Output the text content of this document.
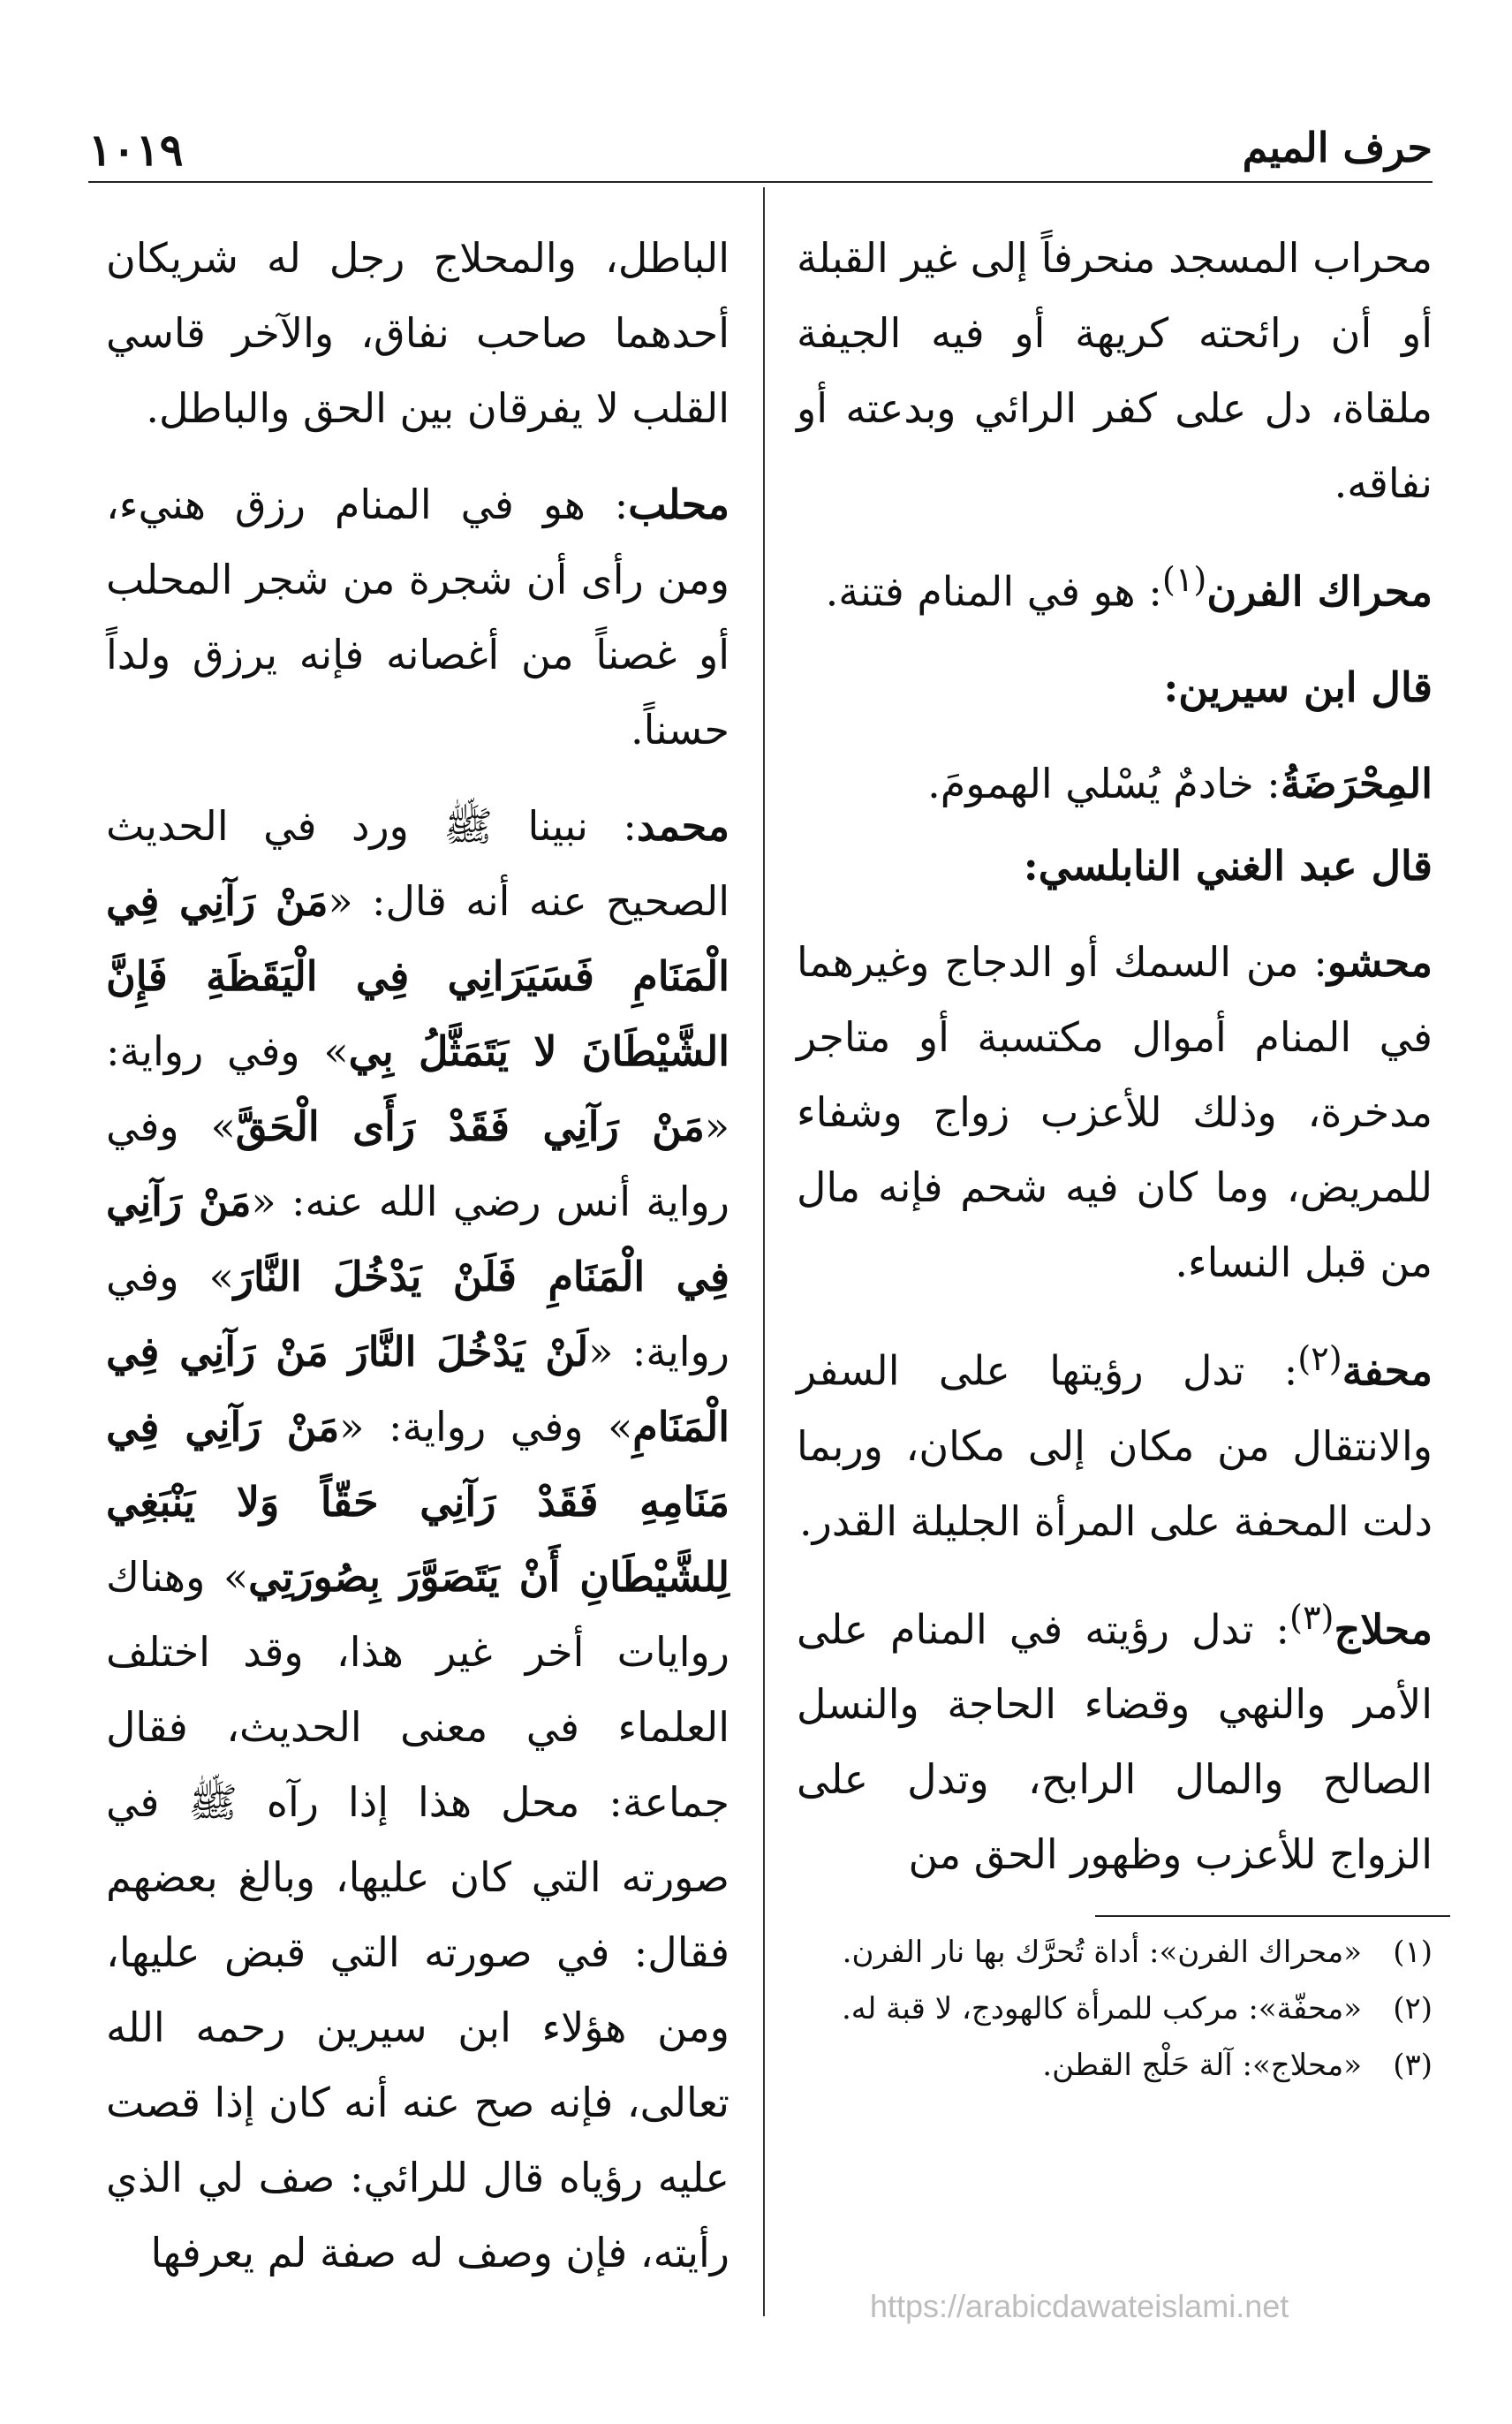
حرف الميم
١٠١٩

محراب المسجد منحرفاً إلى غير القبلة أو أن رائحته كريهة أو فيه الجيفة ملقاة، دل على كفر الرائي وبدعته أو نفاقه.

محراك الفرن$^{(١)}$: هو في المنام فتنة.

قال ابن سيرين:

المِحْرَضَةُ: خادمٌ يُسْلي الهمومَ.

قال عبد الغني النابلسي:

محشو: من السمك أو الدجاج وغيرهما في المنام أموال مكتسبة أو متاجر مدخرة، وذلك للأعزب زواج وشفاء للمريض، وما كان فيه شحم فإنه مال من قبل النساء.

محفة$^{(٢)}$: تدل رؤيتها على السفر والانتقال من مكان إلى مكان، وربما دلت المحفة على المرأة الجليلة القدر.

محلاج$^{(٣)}$: تدل رؤيته في المنام على الأمر والنهي وقضاء الحاجة والنسل الصالح والمال الرابح، وتدل على الزواج للأعزب وظهور الحق من

الباطل، والمحلاج رجل له شريكان أحدهما صاحب نفاق، والآخر قاسي القلب لا يفرقان بين الحق والباطل.

محلب: هو في المنام رزق هنيء، ومن رأى أن شجرة من شجر المحلب أو غصناً من أغصانه فإنه يرزق ولداً حسناً.

محمد: نبينا ﷺ ورد في الحديث الصحيح عنه أنه قال: «مَنْ رَآنِي فِي الْمَنَامِ فَسَيَرَانِي فِي الْيَقَظَةِ فَإِنَّ الشَّيْطَانَ لا يَتَمَثَّلُ بِي» وفي رواية: «مَنْ رَآنِي فَقَدْ رَأَى الْحَقَّ» وفي رواية أنس رضي الله عنه: «مَنْ رَآنِي فِي الْمَنَامِ فَلَنْ يَدْخُلَ النَّارَ» وفي رواية: «لَنْ يَدْخُلَ النَّارَ مَنْ رَآنِي فِي الْمَنَامِ» وفي رواية: «مَنْ رَآنِي فِي مَنَامِهِ فَقَدْ رَآنِي حَقّاً وَلا يَنْبَغِي لِلشَّيْطَانِ أَنْ يَتَصَوَّرَ بِصُورَتِي» وهناك روايات أخر غير هذا، وقد اختلف العلماء في معنى الحديث، فقال جماعة: محل هذا إذا رآه ﷺ في صورته التي كان عليها، وبالغ بعضهم فقال: في صورته التي قبض عليها، ومن هؤلاء ابن سيرين رحمه الله تعالى، فإنه صح عنه أنه كان إذا قصت عليه رؤياه قال للرائي: صف لي الذي رأيته، فإن وصف له صفة لم يعرفها

(١)
«محراك الفرن»: أداة تُحرَّك بها نار الفرن.
(٢)
«محفّة»: مركب للمرأة كالهودج، لا قبة له.
(٣)
«محلاج»: آلة حَلْج القطن.
https://arabicdawateislami.net
